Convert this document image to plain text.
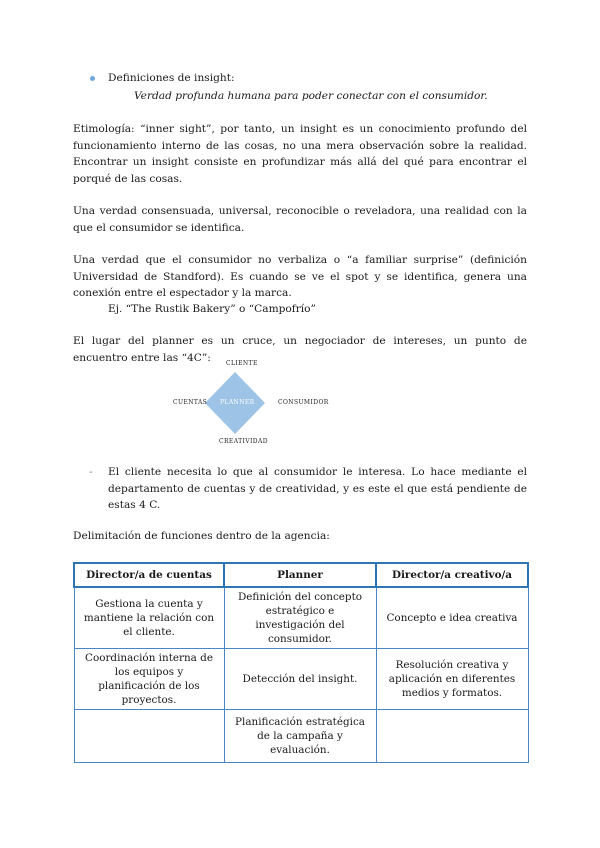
Definiciones de insight:
Verdad profunda humana para poder conectar con el consumidor.
Etimología: “inner sight”, por tanto, un insight es un conocimiento profundo del funcionamiento interno de las cosas, no una mera observación sobre la realidad. Encontrar un insight consiste en profundizar más allá del qué para encontrar el porqué de las cosas.
Una verdad consensuada, universal, reconocible o reveladora, una realidad con la que el consumidor se identifica.
Una verdad que el consumidor no verbaliza o “a familiar surprise” (definición Universidad de Standford). Es cuando se ve el spot y se identifica, genera una conexión entre el espectador y la marca.
Ej. “The Rustik Bakery” o “Campofrío”
El lugar del planner es un cruce, un negociador de intereses, un punto de encuentro entre las “4C”:	CLIENTE
CUENTAS PLANNER	CONSUMIDOR
CREATIVIDAD
- El cliente necesita lo que al consumidor le interesa. Lo hace mediante el departamento de cuentas y de creatividad, y es este el que está pendiente de estas 4 C.
Delimitación de funciones dentro de la agencia:
Director/a de cuentas	Planner	Director/a creativo/a
Gestiona la cuenta y mantiene la relación con el cliente.	Definición del concepto estratégico e investigación del consumidor.	Concepto e idea creativa
Coordinación interna de los equipos y planificación de los proyectos.	Detección del insight.	Resolución creativa y aplicación en diferentes medios y formatos.
	Planificación estratégica de la campaña y evaluación.	
